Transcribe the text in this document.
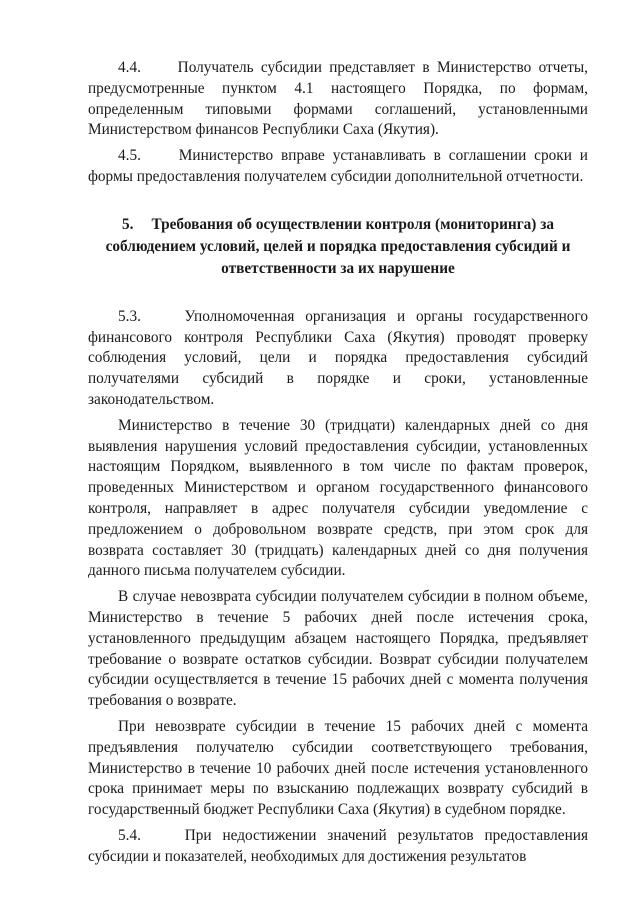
4.4. Получатель субсидии представляет в Министерство отчеты, предусмотренные пунктом 4.1 настоящего Порядка, по формам, определенным типовыми формами соглашений, установленными Министерством финансов Республики Саха (Якутия).

4.5. Министерство вправе устанавливать в соглашении сроки и формы предоставления получателем субсидии дополнительной отчетности.

5. Требования об осуществлении контроля (мониторинга) за соблюдением условий, целей и порядка предоставления субсидий и ответственности за их нарушение

5.3.	Уполномоченная организация и органы государственного финансового контроля Республики Саха (Якутия) проводят проверку соблюдения условий, цели и порядка предоставления субсидий получателями субсидий в порядке и сроки, установленные законодательством.

Министерство в течение 30 (тридцати) календарных дней со дня выявления нарушения условий предоставления субсидии, установленных настоящим Порядком, выявленного в том числе по фактам проверок, проведенных Министерством и органом государственного финансового контроля, направляет в адрес получателя субсидии уведомление с предложением о добровольном возврате средств, при этом срок для возврата составляет 30 (тридцать) календарных дней со дня получения данного письма получателем субсидии.

В случае невозврата субсидии получателем субсидии в полном объеме, Министерство в течение 5 рабочих дней после истечения срока, установленного предыдущим абзацем настоящего Порядка, предъявляет требование о возврате остатков субсидии. Возврат субсидии получателем субсидии осуществляется в течение 15 рабочих дней с момента получения требования о возврате.

При невозврате субсидии в течение 15 рабочих дней с момента предъявления получателю субсидии соответствующего требования, Министерство в течение 10 рабочих дней после истечения установленного срока принимает меры по взысканию подлежащих возврату субсидий в государственный бюджет Республики Саха (Якутия) в судебном порядке.

5.4.	При недостижении значений результатов предоставления субсидии и показателей, необходимых для достижения результатов
